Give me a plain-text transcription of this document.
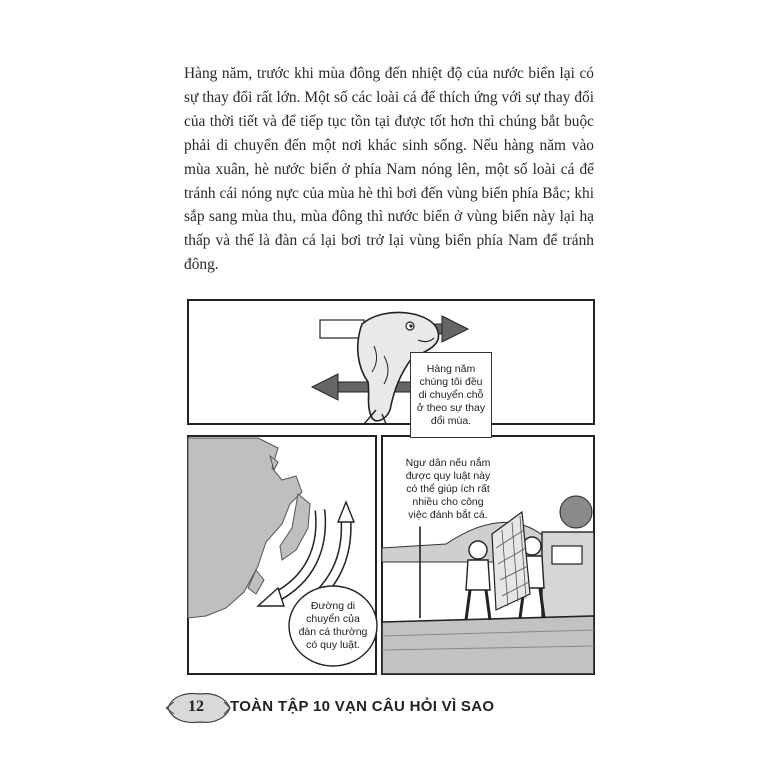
Hàng năm, trước khi mùa đông đến nhiệt độ của nước biển lại có sự thay đổi rất lớn. Một số các loài cá để thích ứng với sự thay đổi của thời tiết và để tiếp tục tồn tại được tốt hơn thì chúng bắt buộc phải di chuyển đến một nơi khác sinh sống. Nếu hàng năm vào mùa xuân, hè nước biển ở phía Nam nóng lên, một số loài cá để tránh cái nóng nực của mùa hè thì bơi đến vùng biển phía Bắc; khi sắp sang mùa thu, mùa đông thì nước biển ở vùng biển này lại hạ thấp và thế là đàn cá lại bơi trở lại vùng biển phía Nam để tránh đông.

Hàng năm chúng tôi đều di chuyển chỗ ở theo sự thay đổi mùa.
Ngư dân nếu nắm được quy luật này có thể giúp ích rất nhiều cho công việc đánh bắt cá.
Đường di chuyển của đàn cá thường có quy luật.
12	TOÀN TẬP 10 VẠN CÂU HỎI VÌ SAO
